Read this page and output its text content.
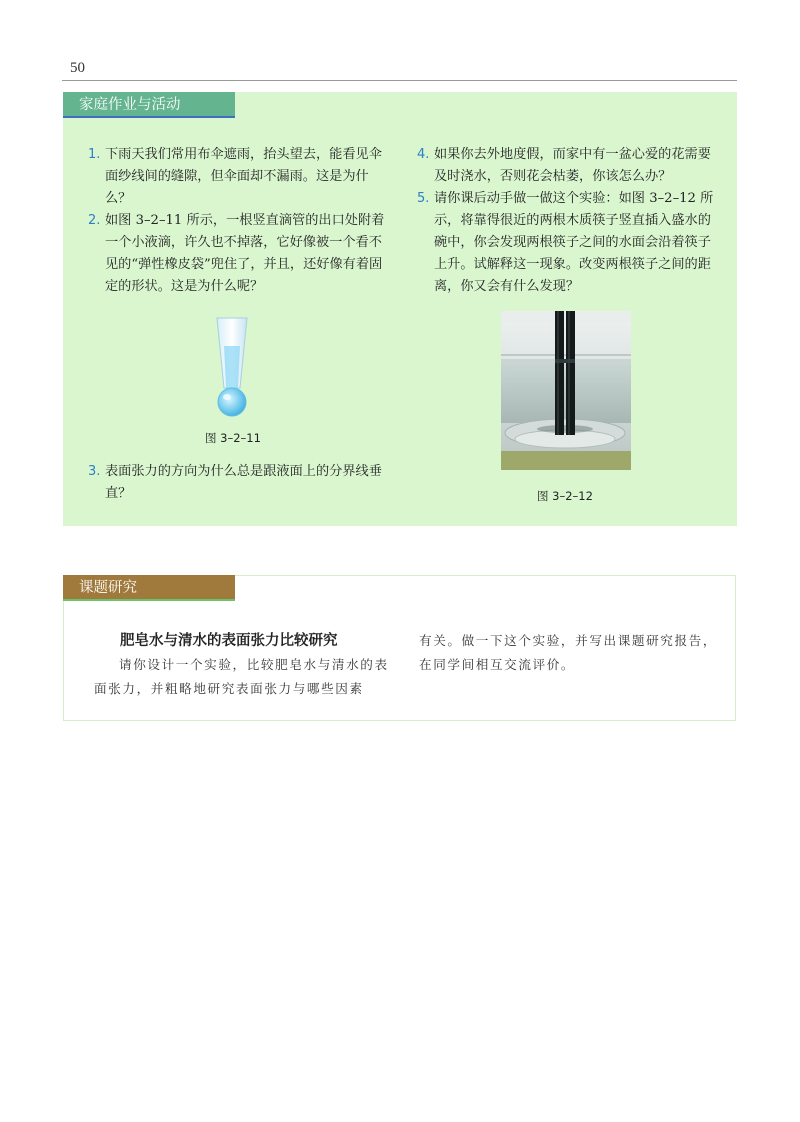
50
家庭作业与活动
1. 下雨天我们常用布伞遮雨，抬头望去，能看见伞面纱线间的缝隙，但伞面却不漏雨。这是为什么？
2. 如图 3–2–11 所示，一根竖直滴管的出口处附着一个小液滴，许久也不掉落，它好像被一个看不见的“弹性橡皮袋”兜住了，并且，还好像有着固定的形状。这是为什么呢？
图 3–2–11
3. 表面张力的方向为什么总是跟液面上的分界线垂直？
4. 如果你去外地度假，而家中有一盆心爱的花需要及时浇水，否则花会枯萎，你该怎么办？
5. 请你课后动手做一做这个实验：如图 3–2–12 所示，将靠得很近的两根木质筷子竖直插入盛水的碗中，你会发现两根筷子之间的水面会沿着筷子上升。试解释这一现象。改变两根筷子之间的距离，你又会有什么发现？
图 3–2–12
课题研究
肥皂水与清水的表面张力比较研究
请你设计一个实验，比较肥皂水与清水的表面张力，并粗略地研究表面张力与哪些因素
有关。做一下这个实验，并写出课题研究报告，在同学间相互交流评价。
